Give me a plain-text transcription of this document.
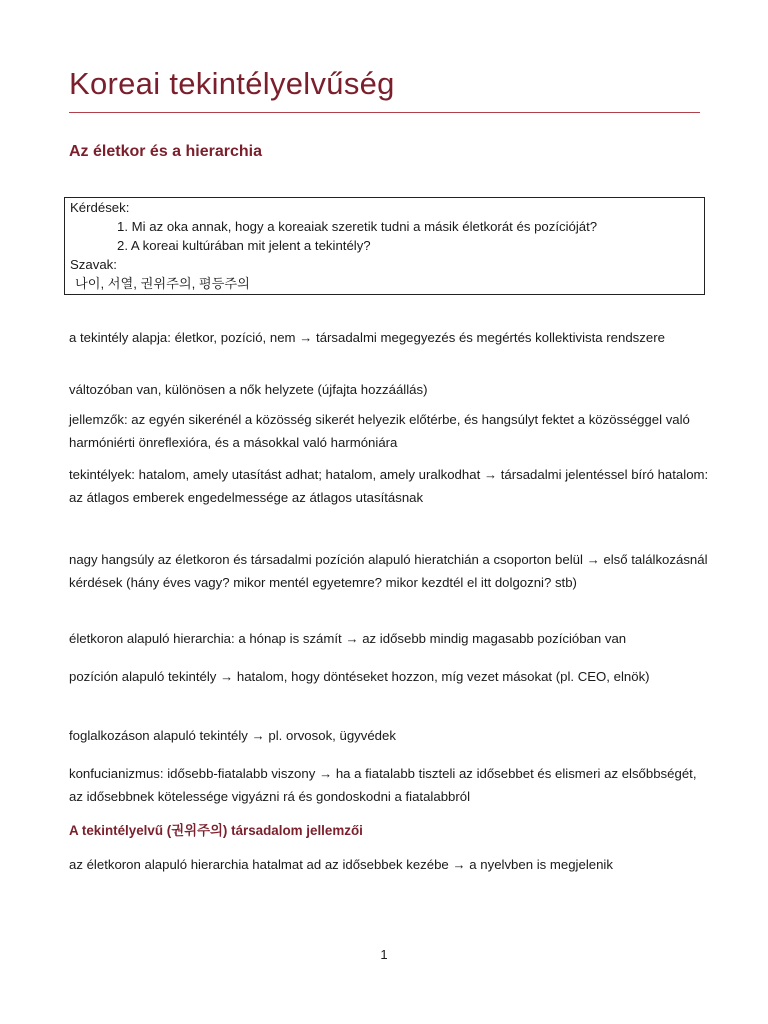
Koreai tekintélyelvűség
Az életkor és a hierarchia
Kérdések:
1. Mi az oka annak, hogy a koreaiak szeretik tudni a másik életkorát és pozícióját?
2. A koreai kultúrában mit jelent a tekintély?
Szavak:
나이, 서열, 권위주의, 평등주의

a tekintély alapja: életkor, pozíció, nem → társadalmi megegyezés és megértés kollektivista rendszere

változóban van, különösen a nők helyzete (újfajta hozzáállás)

jellemzők: az egyén sikerénél a közösség sikerét helyezik előtérbe, és hangsúlyt fektet a közösséggel való harmóniérti önreflexióra, és a másokkal való harmóniára

tekintélyek: hatalom, amely utasítást adhat; hatalom, amely uralkodhat → társadalmi jelentéssel bíró hatalom: az átlagos emberek engedelmessége az átlagos utasításnak

nagy hangsúly az életkoron és társadalmi pozíción alapuló hieratchián a csoporton belül → első találkozásnál kérdések (hány éves vagy? mikor mentél egyetemre? mikor kezdtél el itt dolgozni? stb)

életkoron alapuló hierarchia: a hónap is számít → az idősebb mindig magasabb pozícióban van

pozíción alapuló tekintély → hatalom, hogy döntéseket hozzon, míg vezet másokat (pl. CEO, elnök)

foglalkozáson alapuló tekintély → pl. orvosok, ügyvédek

konfucianizmus: idősebb-fiatalabb viszony → ha a fiatalabb tiszteli az idősebbet és elismeri az elsőbbségét, az idősebbnek kötelessége vigyázni rá és gondoskodni a fiatalabbról

A tekintélyelvű (권위주의) társadalom jellemzői

az életkoron alapuló hierarchia hatalmat ad az idősebbek kezébe → a nyelvben is megjelenik

1
